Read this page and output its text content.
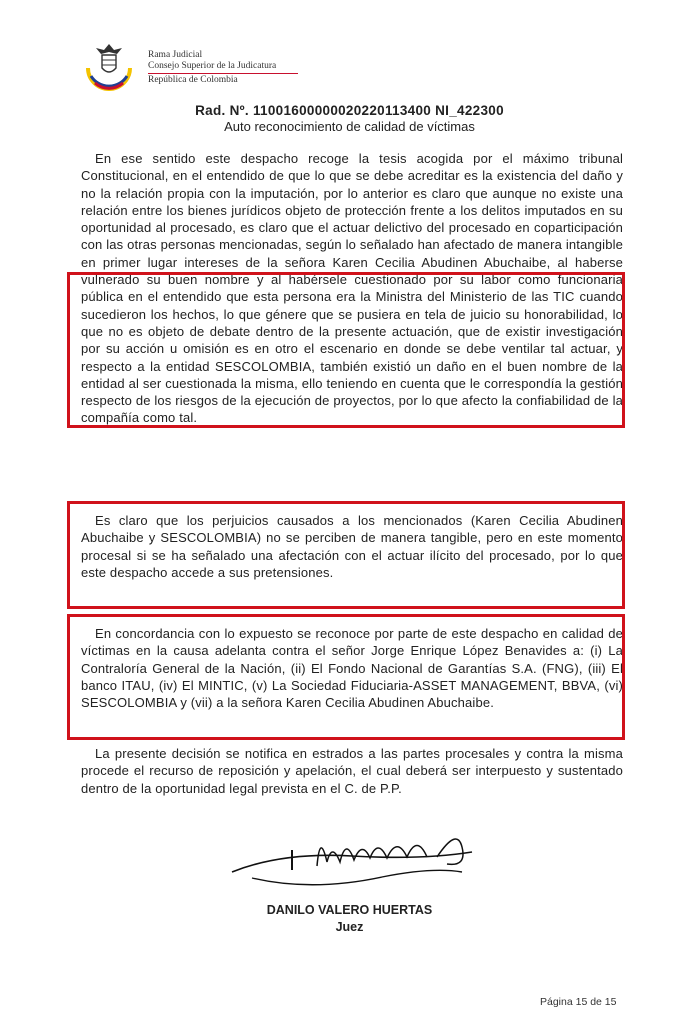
Rama Judicial
Consejo Superior de la Judicatura
República de Colombia
Rad. Nº. 11001600000020220113400 NI_422300
Auto reconocimiento de calidad de víctimas
En ese sentido este despacho recoge la tesis acogida por el máximo tribunal Constitucional, en el entendido de que lo que se debe acreditar es la existencia del daño y no la relación propia con la imputación, por lo anterior es claro que aunque no existe una relación entre los bienes jurídicos objeto de protección frente a los delitos imputados en su oportunidad al procesado, es claro que el actuar delictivo del procesado en coparticipación con las otras personas mencionadas, según lo señalado han afectado de manera intangible en primer lugar intereses de la señora Karen Cecilia Abudinen Abuchaibe, al haberse vulnerado su buen nombre y al habérsele cuestionado por su labor como funcionaria pública en el entendido que esta persona era la Ministra del Ministerio de las TIC cuando sucedieron los hechos, lo que génere que se pusiera en tela de juicio su honorabilidad, lo que no es objeto de debate dentro de la presente actuación, que de existir investigación por su acción u omisión es en otro el escenario en donde se debe ventilar tal actuar, y respecto a la entidad SESCOLOMBIA, también existió un daño en el buen nombre de la entidad al ser cuestionada la misma, ello teniendo en cuenta que le correspondía la gestión respecto de los riesgos de la ejecución de proyectos, por lo que afecto la confiabilidad de la compañía como tal.
Es claro que los perjuicios causados a los mencionados (Karen Cecilia Abudinen Abuchaibe y SESCOLOMBIA) no se perciben de manera tangible, pero en este momento procesal si se ha señalado una afectación con el actuar ilícito del procesado, por lo que este despacho accede a sus pretensiones.
En concordancia con lo expuesto se reconoce por parte de este despacho en calidad de víctimas en la causa adelanta contra el señor Jorge Enrique López Benavides a: (i) La Contraloría General de la Nación, (ii) El Fondo Nacional de Garantías S.A. (FNG), (iii) El banco ITAU, (iv) El MINTIC, (v) La Sociedad Fiduciaria-ASSET MANAGEMENT, BBVA, (vi) SESCOLOMBIA y (vii) a la señora Karen Cecilia Abudinen Abuchaibe.
La presente decisión se notifica en estrados a las partes procesales y contra la misma procede el recurso de reposición y apelación, el cual deberá ser interpuesto y sustentado dentro de la oportunidad legal prevista en el C. de P.P.
DANILO VALERO HUERTAS
Juez
Página 15 de 15
